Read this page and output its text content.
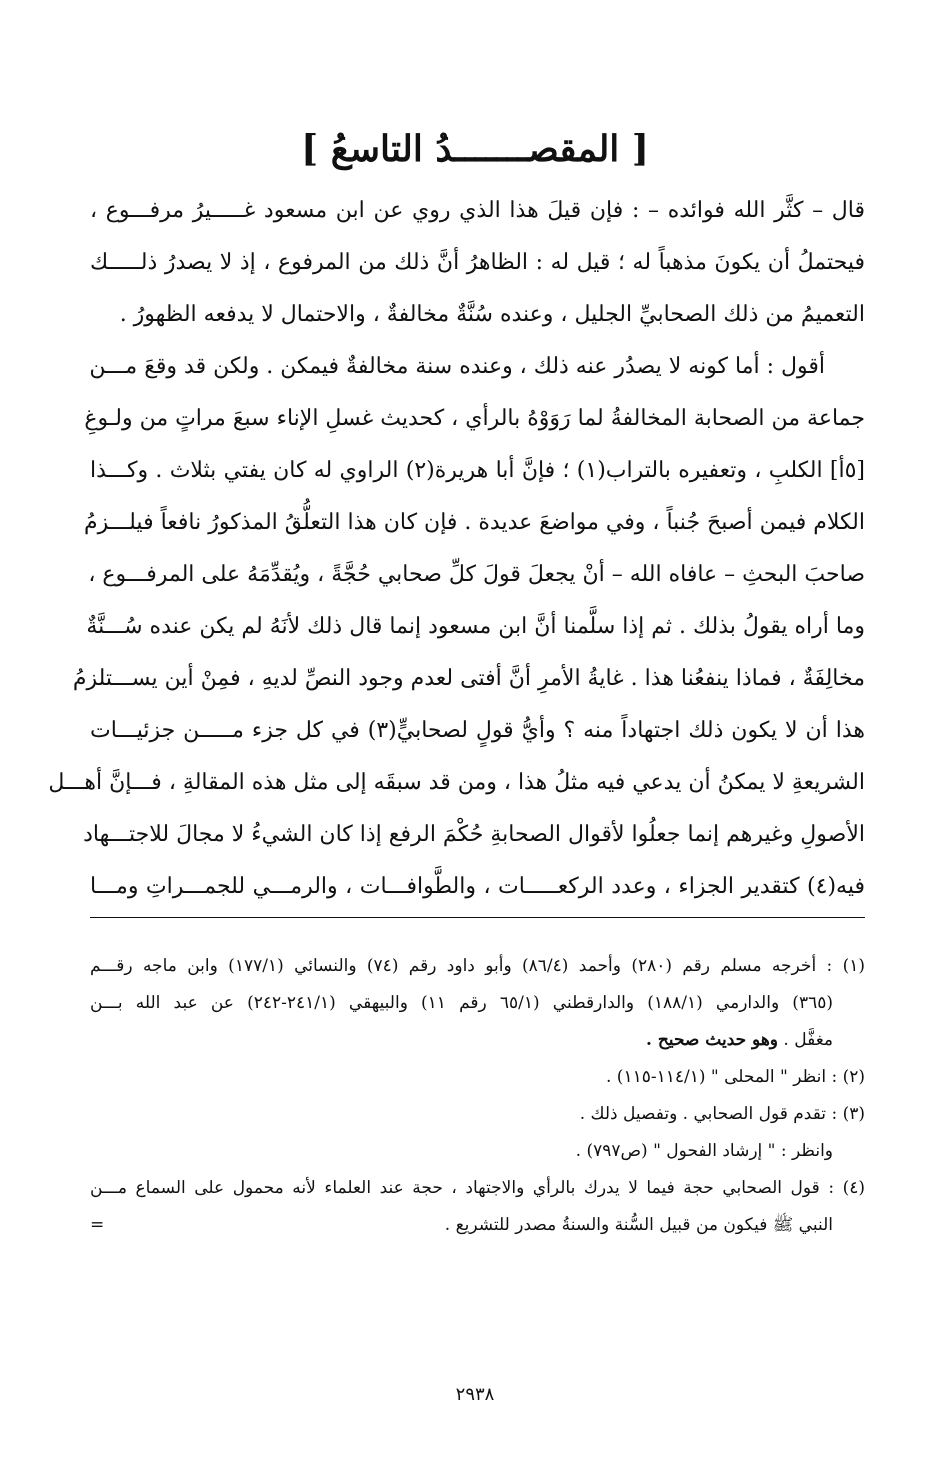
[ المقصـــــــدُ التاسعُ ]
قال – كثَّر الله فوائده – : فإن قيلَ هذا الذي روي عن ابن مسعود غـــــيرُ مرفـــوع ،
فيحتملُ أن يكونَ مذهباً له ؛ قيل له : الظاهرُ أنَّ ذلك من المرفوع ، إذ لا يصدرُ ذلـــــك
التعميمُ من ذلك الصحابيِّ الجليل ، وعنده سُنَّةٌ مخالفةٌ ، والاحتمال لا يدفعه الظهورُ .
أقول : أما كونه لا يصدُر عنه ذلك ، وعنده سنة مخالفةٌ فيمكن . ولكن قد وقعَ مـــن
جماعة من الصحابة المخالفةُ لما رَوَوْهُ بالرأي ، كحديث غسلِ الإناء سبعَ مراتٍ من ولـوغِ
[٥أ] الكلبِ ، وتعفيره بالتراب(١) ؛ فإنَّ أبا هريرة(٢) الراوي له كان يفتي بثلاث . وكـــذا
الكلام فيمن أصبحَ جُنباً ، وفي مواضعَ عديدة . فإن كان هذا التعلُّقُ المذكورُ نافعاً فيلـــزمُ
صاحبَ البحثِ – عافاه الله – أنْ يجعلَ قولَ كلِّ صحابي حُجَّةً ، ويُقدِّمَهُ على المرفـــوع ،
وما أراه يقولُ بذلك . ثم إذا سلَّمنا أنَّ ابن مسعود إنما قال ذلك لأنَهُ لم يكن عنده سُـــنَّةٌ
مخالِفَةٌ ، فماذا ينفعُنا هذا . غايةُ الأمرِ أنَّ أفتى لعدم وجود النصِّ لديهِ ، فمِنْ أين يســـتلزمُ
هذا أن لا يكون ذلك اجتهاداً منه ؟ وأيُّ قولٍ لصحابيٍّ(٣) في كل جزء مـــــن جزئيـــات
الشريعةِ لا يمكنُ أن يدعي فيه مثلُ هذا ، ومن قد سبقَه إلى مثل هذه المقالةِ ، فـــإنَّ أهـــل
الأصولِ وغيرهم إنما جعلُوا لأقوال الصحابةِ حُكْمَ الرفع إذا كان الشيءُ لا مجالَ للاجتـــهاد
فيه(٤) كتقدير الجزاء ، وعدد الركعـــــات ، والطَّوافـــات ، والرمـــي للجمـــراتِ ومـــا
(١) : أخرجه مسلم رقم (٢٨٠) وأحمد (٨٦/٤) وأبو داود رقم (٧٤) والنسائي (١٧٧/١) وابن ماجه رقـــم
(٣٦٥) والدارمي (١٨٨/١) والدارقطني (٦٥/١ رقم ١١) والبيهقي (٢٤١/١-٢٤٢) عن عبد الله بـــن
مغفَّل . وهو حديث صحيح .
(٢) : انظر " المحلى " (١١٤/١-١١٥) .
(٣) : تقدم قول الصحابي . وتفصيل ذلك .
وانظر : " إرشاد الفحول " (ص٧٩٧) .
(٤) : قول الصحابي حجة فيما لا يدرك بالرأي والاجتهاد ، حجة عند العلماء لأنه محمول على السماع مـــن
النبي ﷺ فيكون من قبيل السُّنة والسنةُ مصدر للتشريع .
=
٢٩٣٨
